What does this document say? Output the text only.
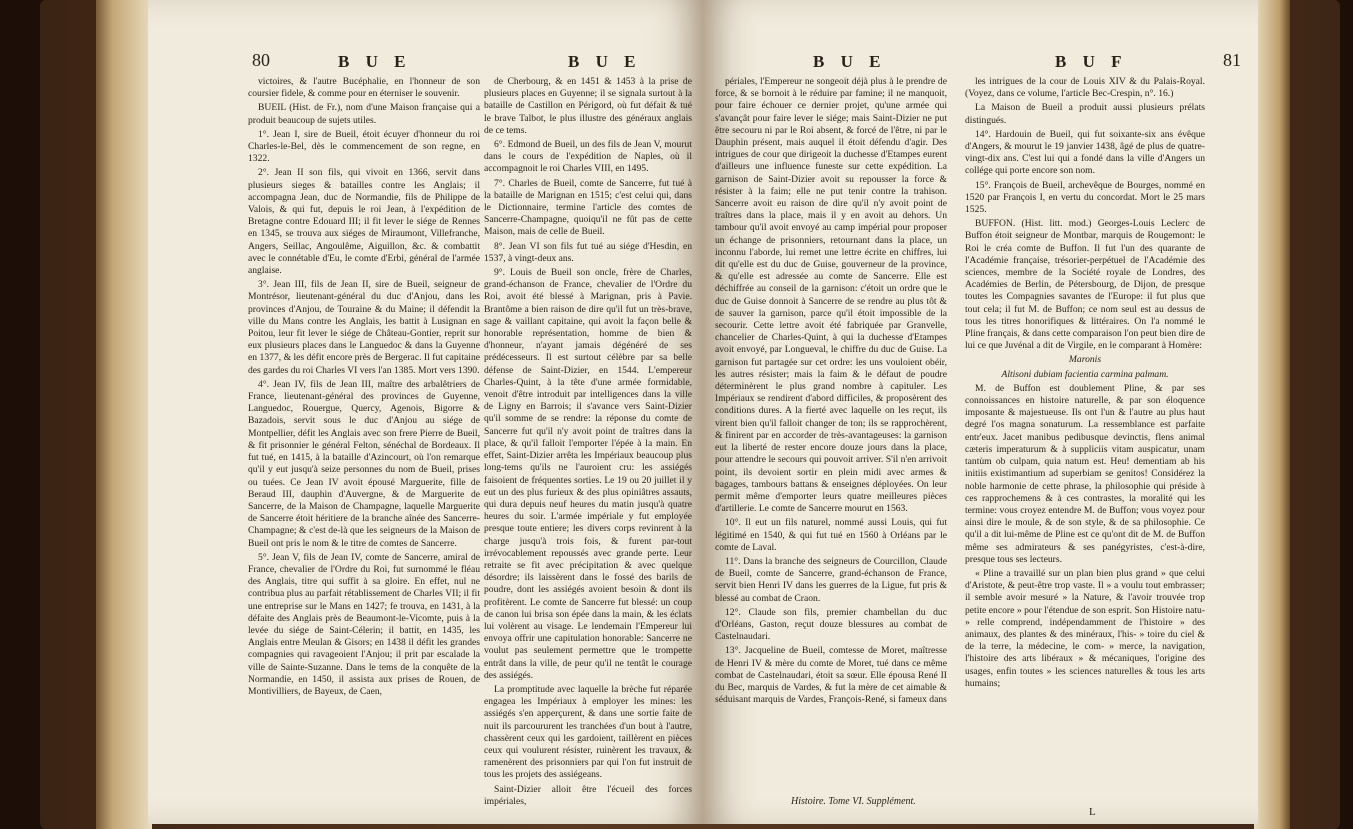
80	B U E	B U E

victoires, & l'autre Bucéphalie, en l'honneur de son coursier fidele, & comme pour en éterniser le souvenir.

BUEIL (Hist. de Fr.), nom d'une Maison française qui a produit beaucoup de sujets utiles.

1°. Jean I, sire de Bueil, étoit écuyer d'honneur du roi Charles-le-Bel, dès le commencement de son regne, en 1322.

2°. Jean II son fils, qui vivoit en 1366, servit dans plusieurs sieges & batailles contre les Anglais; il accompagna Jean, duc de Normandie, fils de Philippe de Valois, & qui fut, depuis le roi Jean, à l'expédition de Bretagne contre Edouard III; il fit lever le siége de Rennes en 1345, se trouva aux siéges de Miraumont, Villefranche, Angers, Seillac, Angoulême, Aiguillon, &c. & combattit avec le connétable d'Eu, le comte d'Erbi, général de l'armée anglaise.

3°. Jean III, fils de Jean II, sire de Bueil, seigneur de Montrésor, lieutenant-général du duc d'Anjou, dans les provinces d'Anjou, de Touraine & du Maine; il défendit la ville du Mans contre les Anglais, les battit à Lusignan en Poitou, leur fit lever le siége de Château-Gontier, reprit sur eux plusieurs places dans le Languedoc & dans la Guyenne en 1377, & les défit encore près de Bergerac. Il fut capitaine des gardes du roi Charles VI vers l'an 1385. Mort vers 1390.

4°. Jean IV, fils de Jean III, maître des arbalêtriers de France, lieutenant-général des provinces de Guyenne, Languedoc, Rouergue, Quercy, Agenois, Bigorre & Bazadois, servit sous le duc d'Anjou au siége de Montpellier, défit les Anglais avec son frere Pierre de Bueil, & fit prisonnier le général Felton, sénéchal de Bordeaux. Il fut tué, en 1415, à la bataille d'Azincourt, où l'on remarque qu'il y eut jusqu'à seize personnes du nom de Bueil, prises ou tuées. Ce Jean IV avoit épousé Marguerite, fille de Beraud III, dauphin d'Auvergne, & de Marguerite de Sancerre, de la Maison de Champagne, laquelle Marguerite de Sancerre étoit héritiere de la branche aînée des Sancerre-Champagne; & c'est de-là que les seigneurs de la Maison de Bueil ont pris le nom & le titre de comtes de Sancerre.

5°. Jean V, fils de Jean IV, comte de Sancerre, amiral de France, chevalier de l'Ordre du Roi, fut surnommé le fléau des Anglais, titre qui suffit à sa gloire. En effet, nul ne contribua plus au parfait rétablissement de Charles VII; il fit une entreprise sur le Mans en 1427; fe trouva, en 1431, à la défaite des Anglais près de Beaumont-le-Vicomte, puis à la levée du siége de Saint-Célerin; il battit, en 1435, les Anglais entre Meulan & Gisors; en 1438 il défit les grandes compagnies qui ravageoient l'Anjou; il prit par escalade la ville de Sainte-Suzanne. Dans le tems de la conquête de la Normandie, en 1450, il assista aux prises de Rouen, de Montivilliers, de Bayeux, de Caen,

de Cherbourg, & en 1451 & 1453 à la prise de plusieurs places en Guyenne; il se signala surtout à la bataille de Castillon en Périgord, où fut défait & tué le brave Talbot, le plus illustre des généraux anglais de ce tems.

6°. Edmond de Bueil, un des fils de Jean V, mourut dans le cours de l'expédition de Naples, où il accompagnoit le roi Charles VIII, en 1495.

7°. Charles de Bueil, comte de Sancerre, fut tué à la bataille de Marignan en 1515; c'est celui qui, dans le Dictionnaire, termine l'article des comtes de Sancerre-Champagne, quoiqu'il ne fût pas de cette Maison, mais de celle de Bueil.

8°. Jean VI son fils fut tué au siége d'Hesdin, en 1537, à vingt-deux ans.

9°. Louis de Bueil son oncle, frère de Charles, grand-échanson de France, chevalier de l'Ordre du Roi, avoit été blessé à Marignan, pris à Pavie. Brantôme a bien raison de dire qu'il fut un très-brave, sage & vaillant capitaine, qui avoit la façon belle & honorable représentation, homme de bien & d'honneur, n'ayant jamais dégénéré de ses prédécesseurs. Il est surtout célèbre par sa belle défense de Saint-Dizier, en 1544. L'empereur Charles-Quint, à la tête d'une armée formidable, venoit d'être introduit par intelligences dans la ville de Ligny en Barrois; il s'avance vers Saint-Dizier qu'il somme de se rendre: la réponse du comte de Sancerre fut qu'il n'y avoit point de traîtres dans la place, & qu'il falloit l'emporter l'épée à la main. En effet, Saint-Dizier arrêta les Impériaux beaucoup plus long-tems qu'ils ne l'auroient cru: les assiégés faisoient de fréquentes sorties. Le 19 ou 20 juillet il y eut un des plus furieux & des plus opiniâtres assauts, qui dura depuis neuf heures du matin jusqu'à quatre heures du soir. L'armée impériale y fut employée presque toute entiere; les divers corps revinrent à la charge jusqu'à trois fois, & furent par-tout irrévocablement repoussés avec grande perte. Leur retraite se fit avec précipitation & avec quelque désordre; ils laissèrent dans le fossé des barils de poudre, dont les assiégés avoient besoin & dont ils profitèrent. Le comte de Sancerre fut blessé: un coup de canon lui brisa son épée dans la main, & les éclats lui volèrent au visage. Le lendemain l'Empereur lui envoya offrir une capitulation honorable: Sancerre ne voulut pas seulement permettre que le trompette entrât dans la ville, de peur qu'il ne tentât le courage des assiégés.

La promptitude avec laquelle la brèche fut réparée engagea les Impériaux à employer les mines: les assiégés s'en apperçurent, & dans une sortie faite de nuit ils parcoururent les tranchées d'un bout à l'autre, chassèrent ceux qui les gardoient, taillèrent en pièces ceux qui voulurent résister, ruinèrent les travaux, & ramenèrent des prisonniers par qui l'on fut instruit de tous les projets des assiégeans.

Saint-Dizier alloit être l'écueil des forces impériales,

B U E	B U F	81

périales, l'Empereur ne songeoit déjà plus à le prendre de force, & se bornoit à le réduire par famine; il ne manquoit, pour faire échouer ce dernier projet, qu'une armée qui s'avançât pour faire lever le siége; mais Saint-Dizier ne put être secouru ni par le Roi absent, & forcé de l'être, ni par le Dauphin présent, mais auquel il étoit défendu d'agir. Des intrigues de cour que dirigeoit la duchesse d'Etampes eurent d'ailleurs une influence funeste sur cette expédition. La garnison de Saint-Dizier avoit su repousser la force & résister à la faim; elle ne put tenir contre la trahison. Sancerre avoit eu raison de dire qu'il n'y avoit point de traîtres dans la place, mais il y en avoit au dehors. Un tambour qu'il avoit envoyé au camp impérial pour proposer un échange de prisonniers, retournant dans la place, un inconnu l'aborde, lui remet une lettre écrite en chiffres, lui dit qu'elle est du duc de Guise, gouverneur de la province, & qu'elle est adressée au comte de Sancerre. Elle est déchiffrée au conseil de la garnison: c'étoit un ordre que le duc de Guise donnoit à Sancerre de se rendre au plus tôt & de sauver la garnison, parce qu'il étoit impossible de la secourir. Cette lettre avoit été fabriquée par Granvelle, chancelier de Charles-Quint, à qui la duchesse d'Etampes avoit envoyé, par Longueval, le chiffre du duc de Guise. La garnison fut partagée sur cet ordre: les uns vouloient obéir, les autres résister; mais la faim & le défaut de poudre déterminèrent le plus grand nombre à capituler. Les Impériaux se rendirent d'abord difficiles, & proposèrent des conditions dures. A la fierté avec laquelle on les reçut, ils virent bien qu'il falloit changer de ton; ils se rapprochèrent, & finirent par en accorder de très-avantageuses: la garnison eut la liberté de rester encore douze jours dans la place, pour attendre le secours qui pouvoit arriver. S'il n'en arrivoit point, ils devoient sortir en plein midi avec armes & bagages, tambours battans & enseignes déployées. On leur permit même d'emporter leurs quatre meilleures pièces d'artillerie. Le comte de Sancerre mourut en 1563.

10°. Il eut un fils naturel, nommé aussi Louis, qui fut légitimé en 1540, & qui fut tué en 1560 à Orléans par le comte de Laval.

11°. Dans la branche des seigneurs de Courcillon, Claude de Bueil, comte de Sancerre, grand-échanson de France, servit bien Henri IV dans les guerres de la Ligue, fut pris & blessé au combat de Craon.

12°. Claude son fils, premier chambellan du duc d'Orléans, Gaston, reçut douze blessures au combat de Castelnaudari.

13°. Jacqueline de Bueil, comtesse de Moret, maîtresse de Henri IV & mère du comte de Moret, tué dans ce même combat de Castelnaudari, étoit sa sœur. Elle épousa René II du Bec, marquis de Vardes, & fut la mère de cet aimable & séduisant marquis de Vardes, François-René, si fameux dans

les intrigues de la cour de Louis XIV & du Palais-Royal. (Voyez, dans ce volume, l'article Bec-Crespin, n°. 16.)

La Maison de Bueil a produit aussi plusieurs prélats distingués.

14°. Hardouin de Bueil, qui fut soixante-six ans évêque d'Angers, & mourut le 19 janvier 1438, âgé de plus de quatre-vingt-dix ans. C'est lui qui a fondé dans la ville d'Angers un collége qui porte encore son nom.

15°. François de Bueil, archevêque de Bourges, nommé en 1520 par François I, en vertu du concordat. Mort le 25 mars 1525.

BUFFON. (Hist. litt. mod.) Georges-Louis Leclerc de Buffon étoit seigneur de Montbar, marquis de Rougemont: le Roi le créa comte de Buffon. Il fut l'un des quarante de l'Académie française, trésorier-perpétuel de l'Académie des sciences, membre de la Société royale de Londres, des Académies de Berlin, de Pétersbourg, de Dijon, de presque toutes les Compagnies savantes de l'Europe: il fut plus que tout cela; il fut M. de Buffon; ce nom seul est au dessus de tous les titres honorifiques & littéraires. On l'a nommé le Pline français, & dans cette comparaison l'on peut bien dire de lui ce que Juvénal a dit de Virgile, en le comparant à Homère:

Maronis

Altisoni dubiam facientia carmina palmam.

M. de Buffon est doublement Pline, & par ses connoissances en histoire naturelle, & par son éloquence imposante & majestueuse. Ils ont l'un & l'autre au plus haut degré l'os magna sonaturum. La ressemblance est parfaite entr'eux. Jacet manibus pedibusque devinctis, flens animal cæteris imperaturum & à suppliciis vitam auspicatur, unam tantùm ob culpam, quia natum est. Heu! dementiam ab his initiis existimantium ad superbiam se genitos! Considérez la noble harmonie de cette phrase, la philosophie qui préside à ces rapprochemens & à ces contrastes, la moralité qui les termine: vous croyez entendre M. de Buffon; vous voyez pour ainsi dire le moule, & de son style, & de sa philosophie. Ce qu'il a dit lui-même de Pline est ce qu'ont dit de M. de Buffon même ses admirateurs & ses panégyristes, c'est-à-dire, presque tous ses lecteurs.

« Pline a travaillé sur un plan bien plus grand » que celui d'Aristote, & peut-être trop vaste. Il » a voulu tout embrasser; il semble avoir mesuré » la Nature, & l'avoir trouvée trop petite encore » pour l'étendue de son esprit. Son Histoire natu- » relle comprend, indépendamment de l'histoire » des animaux, des plantes & des minéraux, l'his- » toire du ciel & de la terre, la médecine, le com- » merce, la navigation, l'histoire des arts libéraux » & mécaniques, l'origine des usages, enfin toutes » les sciences naturelles & tous les arts humains;

Histoire. Tome VI. Supplément.
L
